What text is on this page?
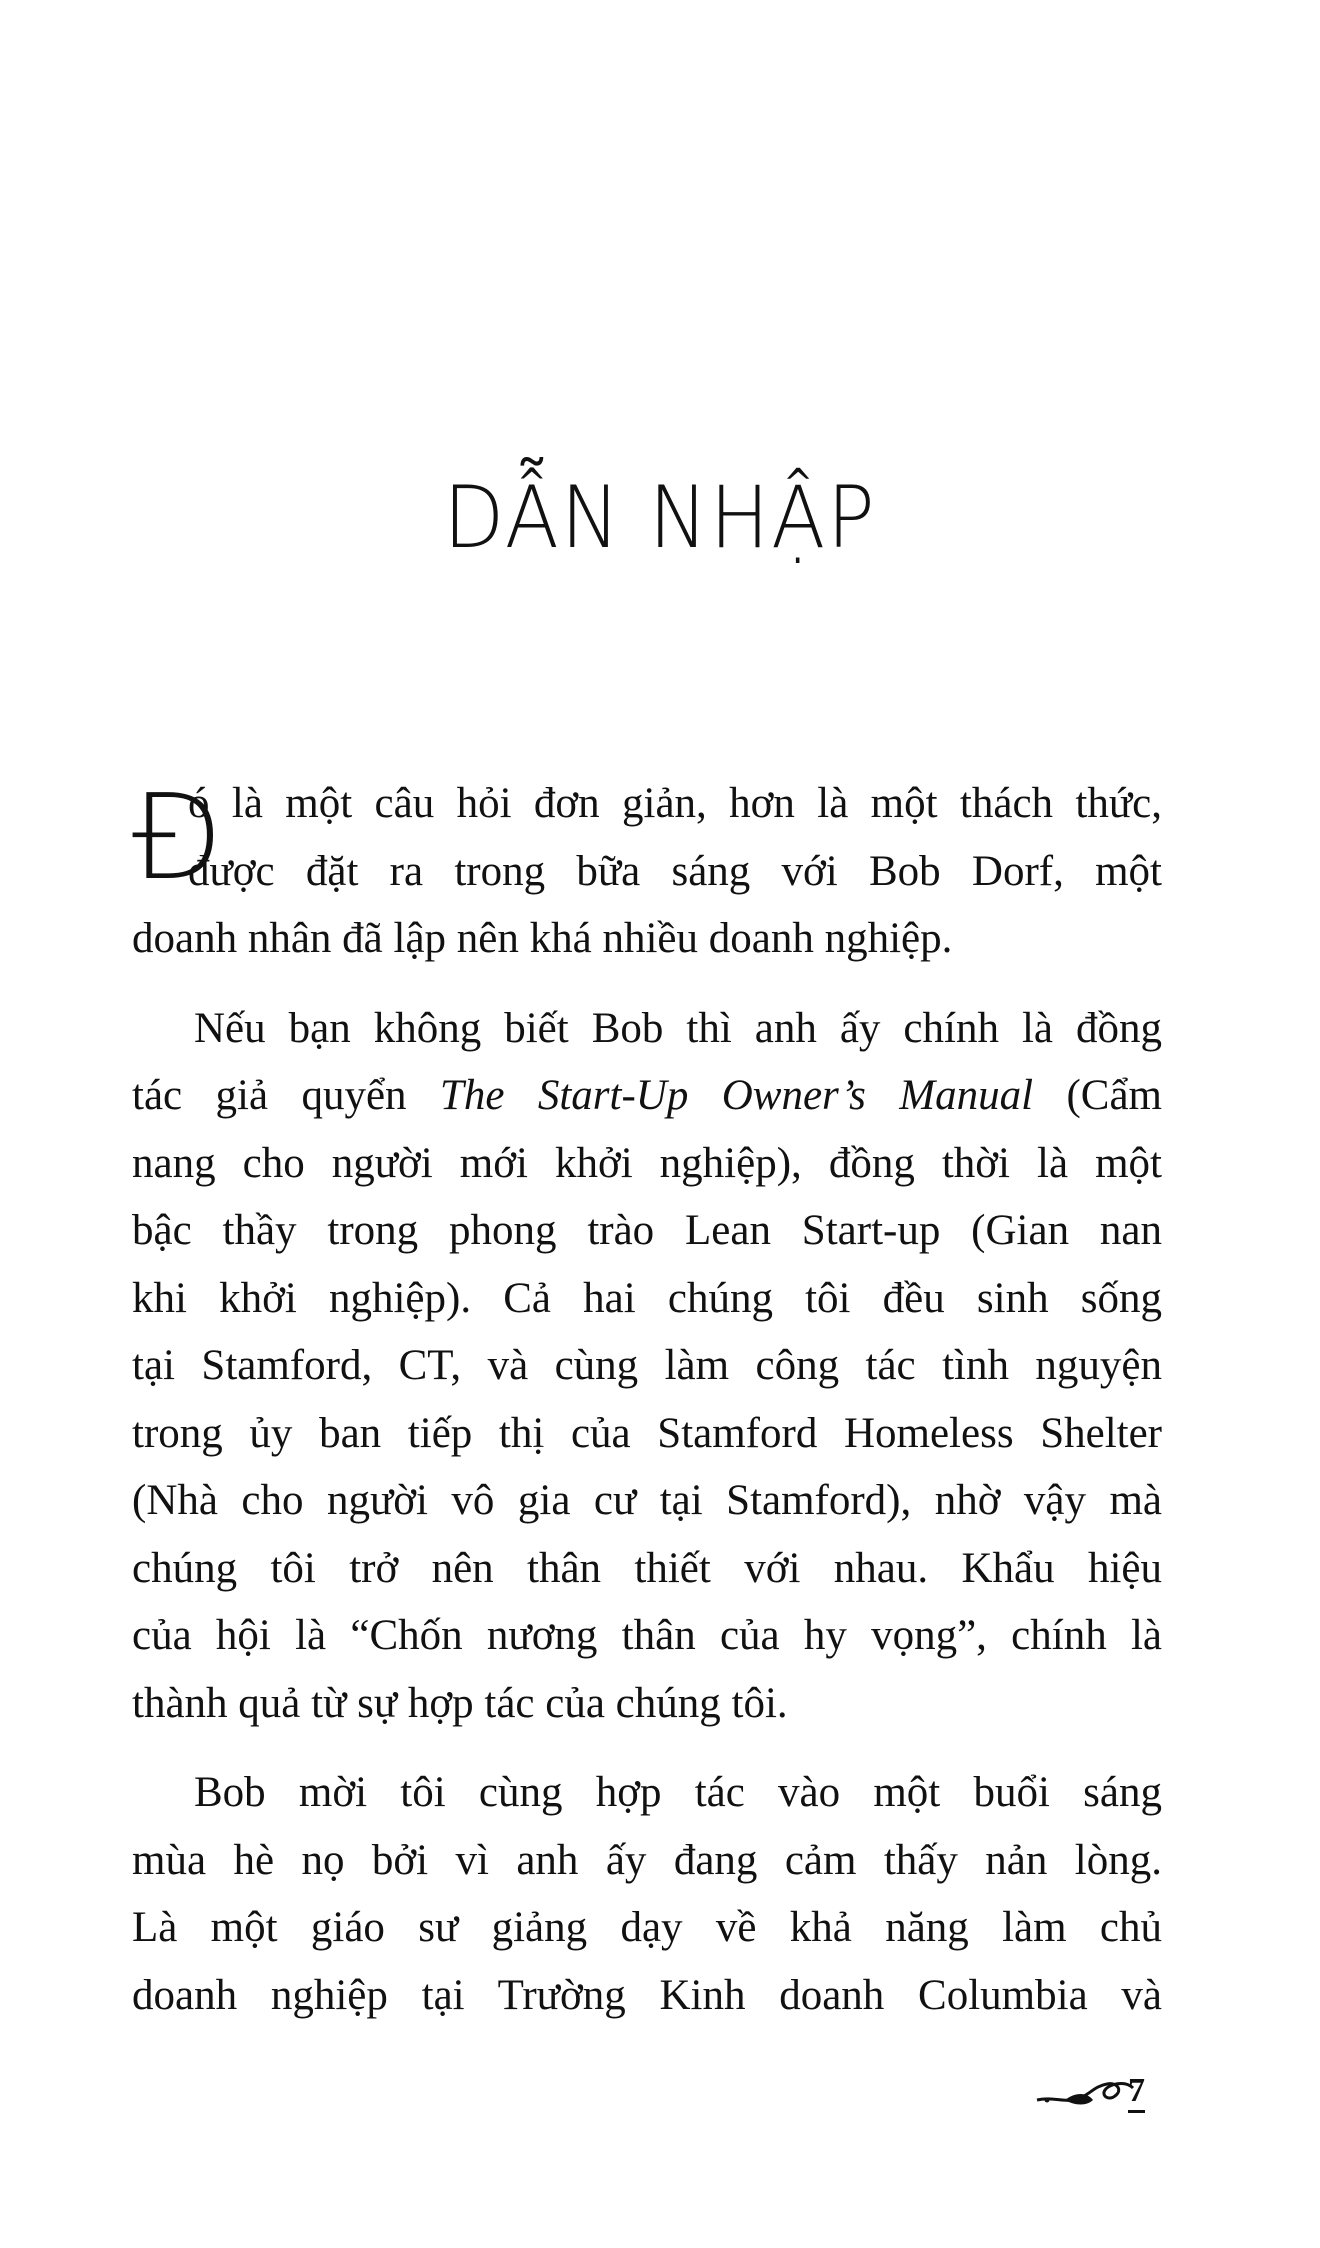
DẪN NHẬP
Đ
ó là một câu hỏi đơn giản, hơn là một thách thức,
được đặt ra trong bữa sáng với Bob Dorf, một
doanh nhân đã lập nên khá nhiều doanh nghiệp.
Nếu bạn không biết Bob thì anh ấy chính là đồng
tác giả quyển The Start-Up Owner’s Manual (Cẩm
nang cho người mới khởi nghiệp), đồng thời là một
bậc thầy trong phong trào Lean Start-up (Gian nan
khi khởi nghiệp). Cả hai chúng tôi đều sinh sống
tại Stamford, CT, và cùng làm công tác tình nguyện
trong ủy ban tiếp thị của Stamford Homeless Shelter
(Nhà cho người vô gia cư tại Stamford), nhờ vậy mà
chúng tôi trở nên thân thiết với nhau. Khẩu hiệu
của hội là “Chốn nương thân của hy vọng”, chính là
thành quả từ sự hợp tác của chúng tôi.
Bob mời tôi cùng hợp tác vào một buổi sáng
mùa hè nọ bởi vì anh ấy đang cảm thấy nản lòng.
Là một giáo sư giảng dạy về khả năng làm chủ
doanh nghiệp tại Trường Kinh doanh Columbia và
7
